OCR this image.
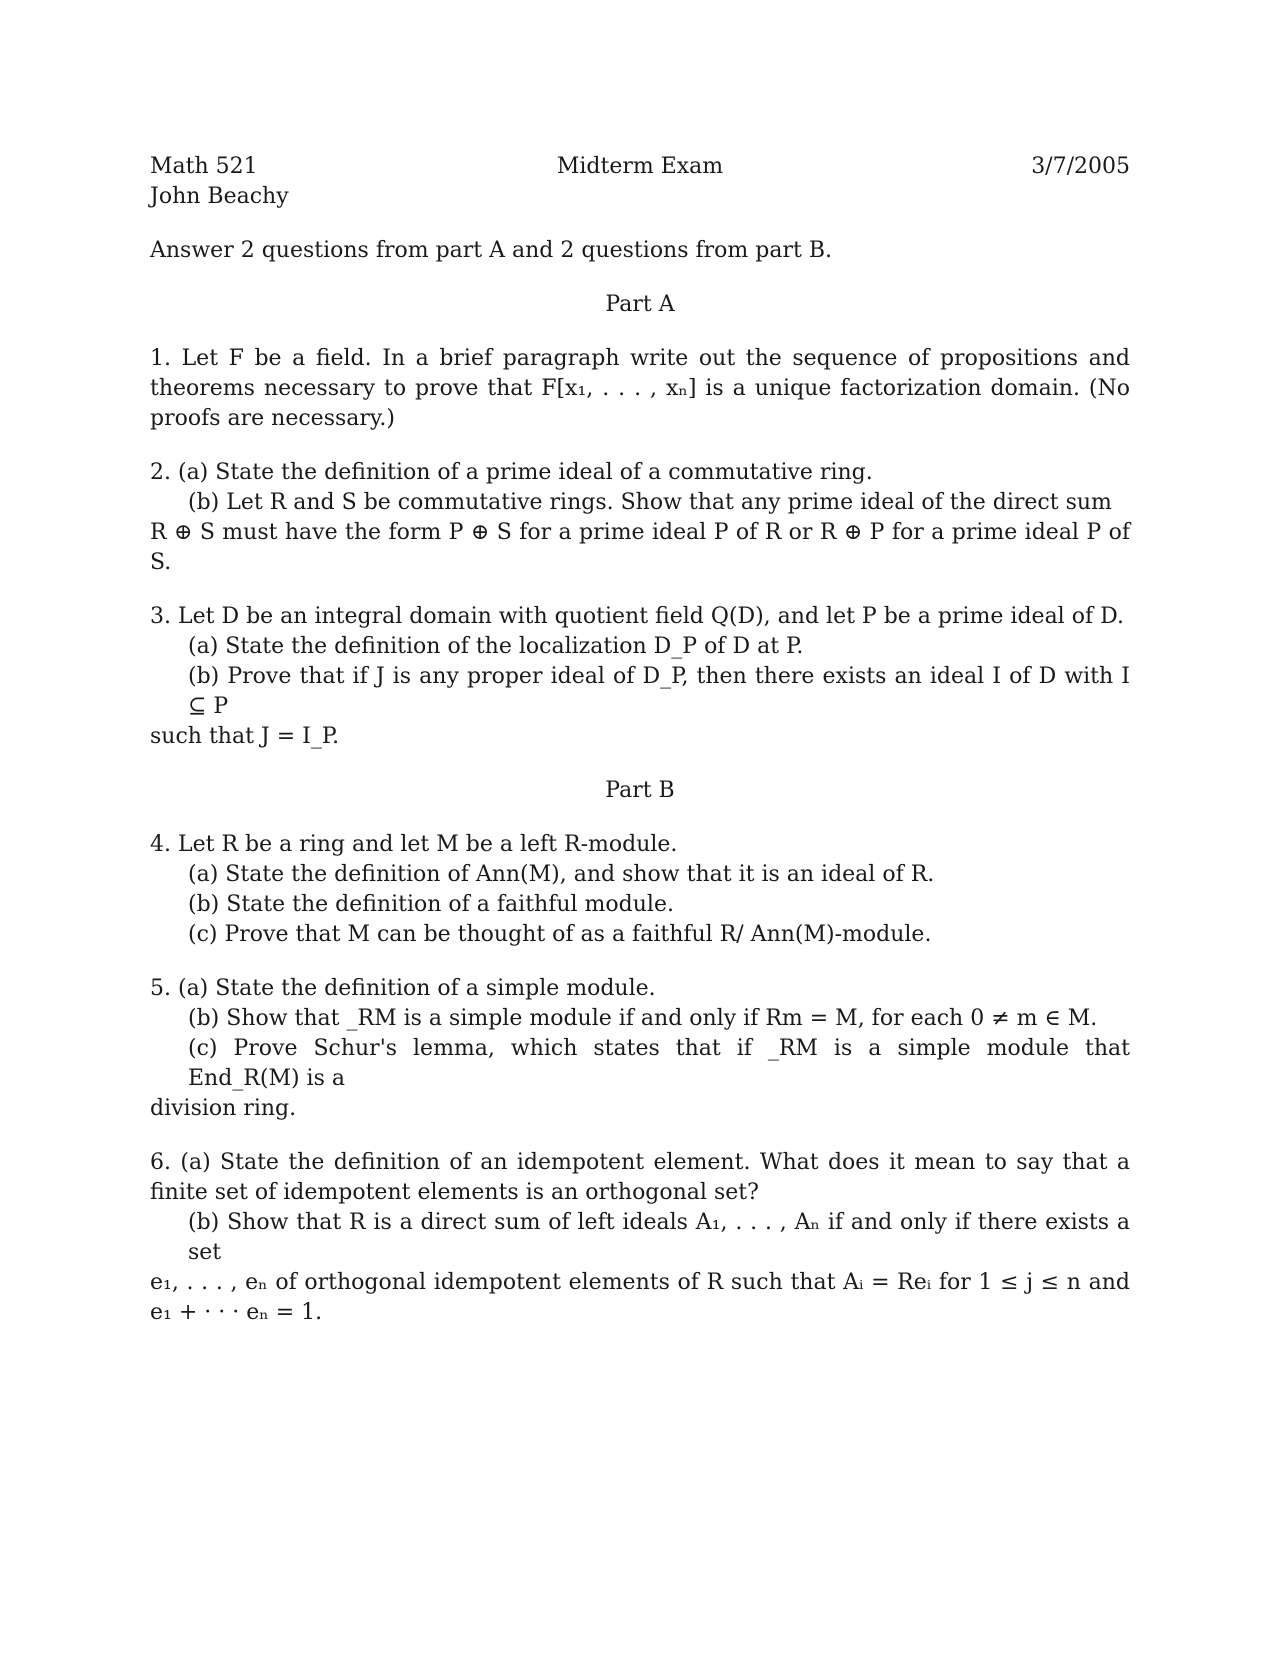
Math 521	Midterm Exam	3/7/2005
John Beachy
Answer 2 questions from part A and 2 questions from part B.
Part A
1. Let F be a field. In a brief paragraph write out the sequence of propositions and theorems necessary to prove that F[x₁, . . . , xₙ] is a unique factorization domain. (No proofs are necessary.)
2. (a) State the definition of a prime ideal of a commutative ring.
(b) Let R and S be commutative rings. Show that any prime ideal of the direct sum
R ⊕ S must have the form P ⊕ S for a prime ideal P of R or R ⊕ P for a prime ideal P of S.
3. Let D be an integral domain with quotient field Q(D), and let P be a prime ideal of D.
(a) State the definition of the localization D_P of D at P.
(b) Prove that if J is any proper ideal of D_P, then there exists an ideal I of D with I ⊆ P
such that J = I_P.
Part B
4. Let R be a ring and let M be a left R-module.
(a) State the definition of Ann(M), and show that it is an ideal of R.
(b) State the definition of a faithful module.
(c) Prove that M can be thought of as a faithful R/ Ann(M)-module.
5. (a) State the definition of a simple module.
(b) Show that _RM is a simple module if and only if Rm = M, for each 0 ≠ m ∈ M.
(c) Prove Schur's lemma, which states that if _RM is a simple module that End_R(M) is a
division ring.
6. (a) State the definition of an idempotent element. What does it mean to say that a finite set of idempotent elements is an orthogonal set?
(b) Show that R is a direct sum of left ideals A₁, . . . , Aₙ if and only if there exists a set
e₁, . . . , eₙ of orthogonal idempotent elements of R such that Aᵢ = Reᵢ for 1 ≤ j ≤ n and e₁ + · · · eₙ = 1.
